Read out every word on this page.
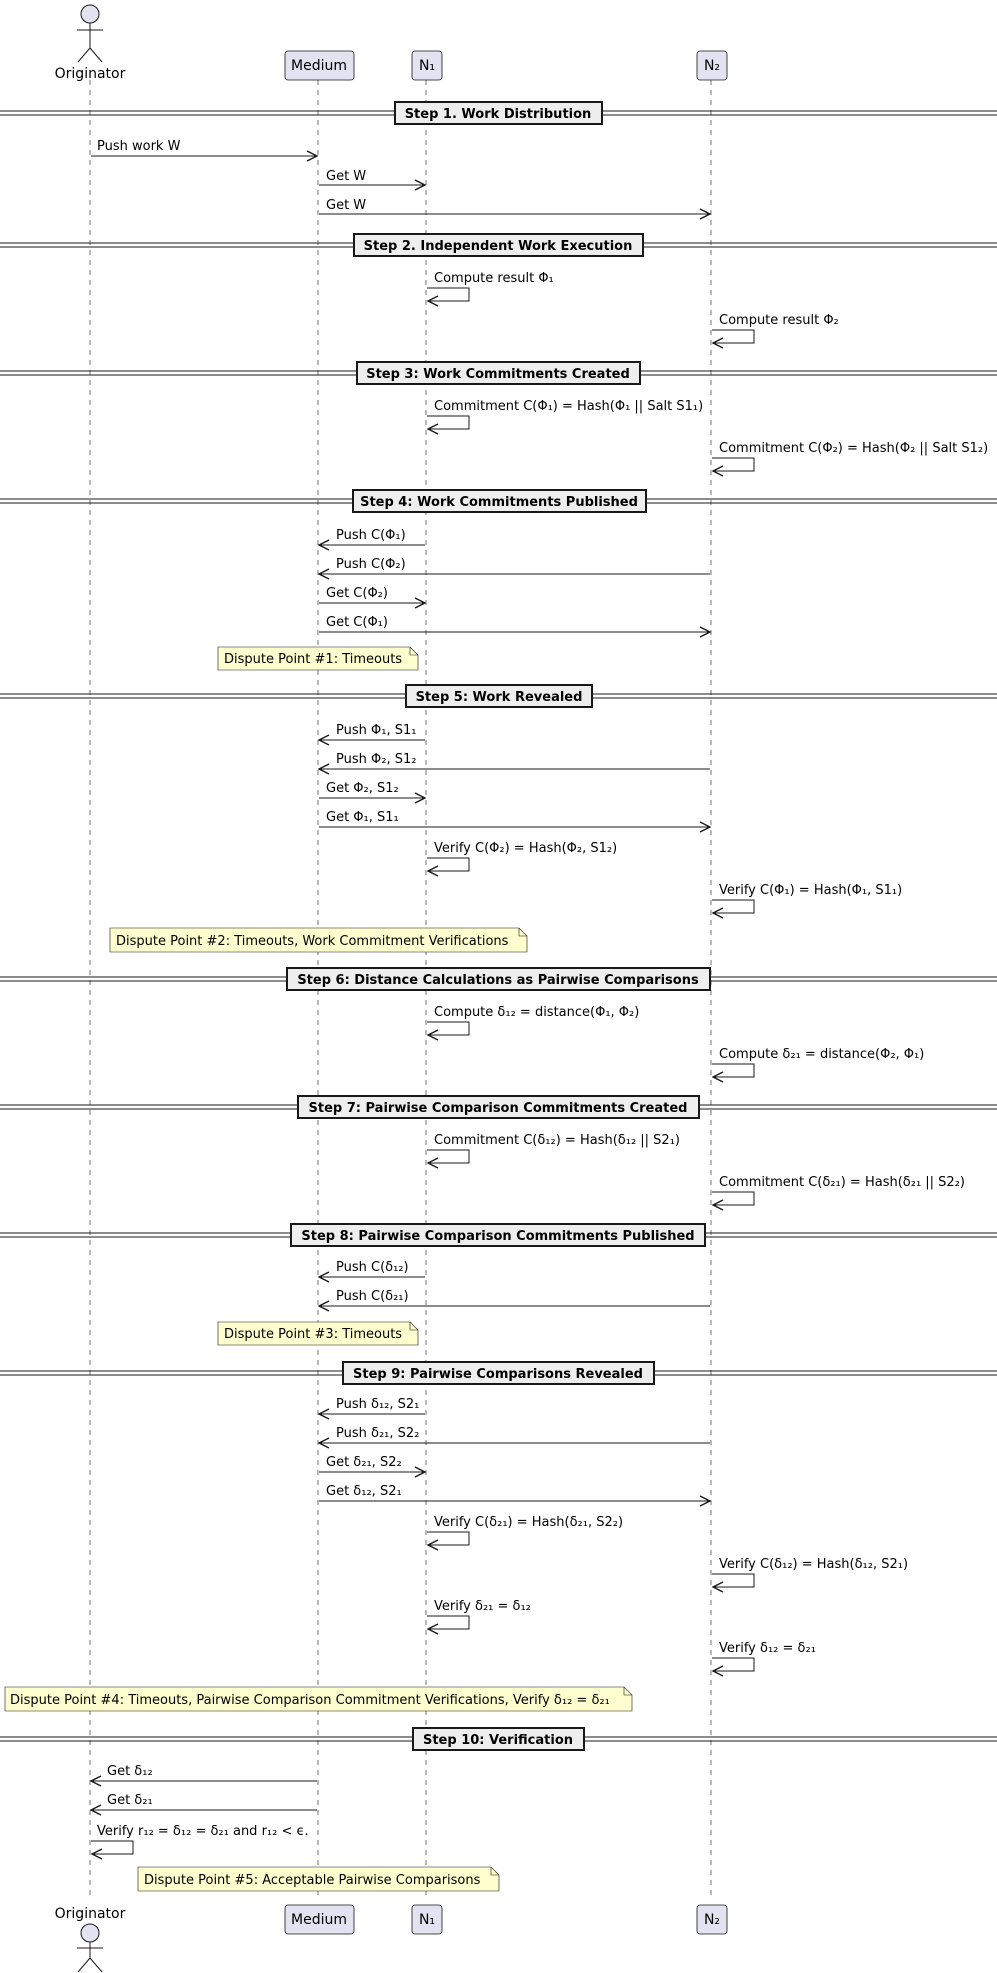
Originator	Medium	N₁	N₂
Originator	Medium	N₁	N₂
Step 1. Work Distribution
Step 2. Independent Work Execution
Step 3: Work Commitments Created
Step 4: Work Commitments Published
Step 5: Work Revealed
Step 6: Distance Calculations as Pairwise Comparisons
Step 7: Pairwise Comparison Commitments Created
Step 8: Pairwise Comparison Commitments Published
Step 9: Pairwise Comparisons Revealed
Step 10: Verification
Push work W
Get W
Get W
Compute result Φ₁
Compute result Φ₂
Commitment C(Φ₁) = Hash(Φ₁ || Salt S1₁)
Commitment C(Φ₂) = Hash(Φ₂ || Salt S1₂)
Push C(Φ₁)
Push C(Φ₂)
Get C(Φ₂)
Get C(Φ₁)
Push Φ₁, S1₁
Push Φ₂, S1₂
Get Φ₂, S1₂
Get Φ₁, S1₁
Verify C(Φ₂) = Hash(Φ₂, S1₂)
Verify C(Φ₁) = Hash(Φ₁, S1₁)
Compute δ₁₂ = distance(Φ₁, Φ₂)
Compute δ₂₁ = distance(Φ₂, Φ₁)
Commitment C(δ₁₂) = Hash(δ₁₂ || S2₁)
Commitment C(δ₂₁) = Hash(δ₂₁ || S2₂)
Push C(δ₁₂)
Push C(δ₂₁)
Push δ₁₂, S2₁
Push δ₂₁, S2₂
Get δ₂₁, S2₂
Get δ₁₂, S2₁
Verify C(δ₂₁) = Hash(δ₂₁, S2₂)
Verify C(δ₁₂) = Hash(δ₁₂, S2₁)
Verify δ₂₁ = δ₁₂
Verify δ₁₂ = δ₂₁
Get δ₁₂
Get δ₂₁
Verify r₁₂ = δ₁₂ = δ₂₁ and r₁₂ < ϵ.
Dispute Point #1: Timeouts
Dispute Point #2: Timeouts, Work Commitment Verifications
Dispute Point #3: Timeouts
Dispute Point #4: Timeouts, Pairwise Comparison Commitment Verifications, Verify δ₁₂ = δ₂₁
Dispute Point #5: Acceptable Pairwise Comparisons
